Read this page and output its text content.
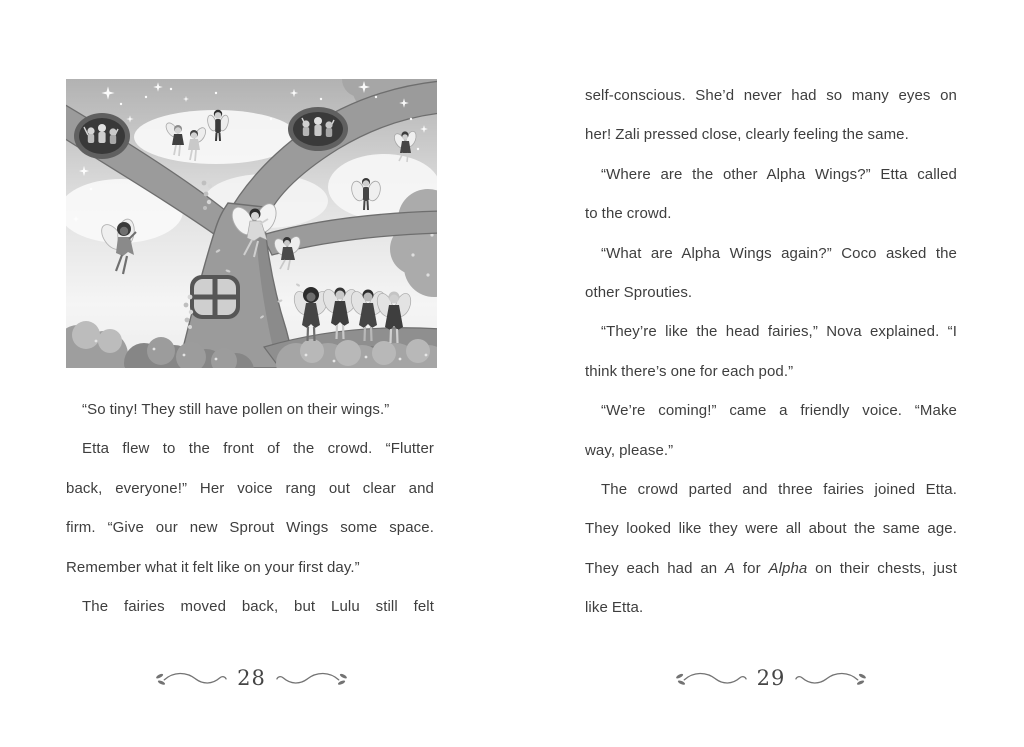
“So tiny! They still have pollen on their wings.”
Etta flew to the front of the crowd. “Flutter
back, everyone!” Her voice rang out clear and
firm. “Give our new Sprout Wings some space.
Remember what it felt like on your first day.”
The fairies moved back, but Lulu still felt
self-conscious. She’d never had so many eyes on
her! Zali pressed close, clearly feeling the same.
“Where are the other Alpha Wings?” Etta called
to the crowd.
“What are Alpha Wings again?” Coco asked the
other Sprouties.
“They’re like the head fairies,” Nova explained. “I
think there’s one for each pod.”
“We’re coming!” came a friendly voice. “Make
way, please.”
The crowd parted and three fairies joined Etta.
They looked like they were all about the same age.
They each had an A for Alpha on their chests, just
like Etta.
28	29
